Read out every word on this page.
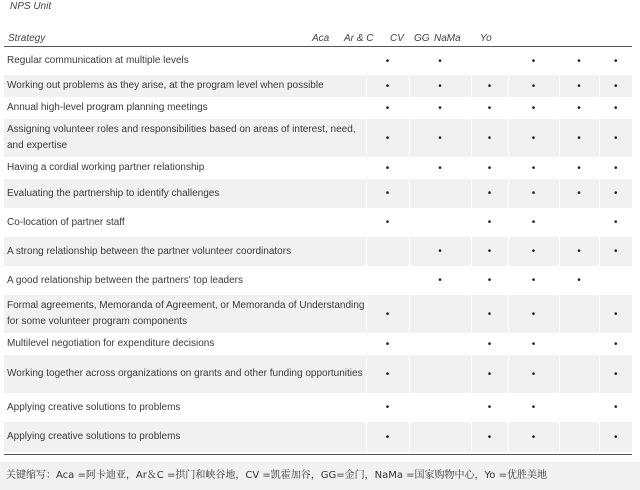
NPS Unit
Strategy	Aca Ar & C CV GG NaMa Yo
Regular communication at multiple levels	•	•		•	•	•
Working out problems as they arise, at the program level when possible	•	•	•	•	•	•
Annual high-level program planning meetings	•	•	•	•	•	•
Assigning volunteer roles and responsibilities based on areas of interest, need, and expertise	•	•	•	•	•	•
Having a cordial working partner relationship	•	•	•	•	•	•
Evaluating the partnership to identify challenges	•		•	•	•	•
Co-location of partner staff	•		•	•		•
A strong relationship between the partner volunteer coordinators		•	•	•	•	•
A good relationship between the partners' top leaders		•	•	•	•	
Formal agreements, Memoranda of Agreement, or Memoranda of Understanding for some volunteer program components	•		•	•		•
Multilevel negotiation for expenditure decisions	•		•	•		•
Working together across organizations on grants and other funding opportunities	•		•	•		•
Applying creative solutions to problems	•		•	•		•
Applying creative solutions to problems	•		•	•		•
关键缩写：Aca =阿卡迪亚，Ar＆C =拱门和峡谷地，CV =凯霍加谷，GG=金门，NaMa =国家购物中心，Yo =优胜美地
